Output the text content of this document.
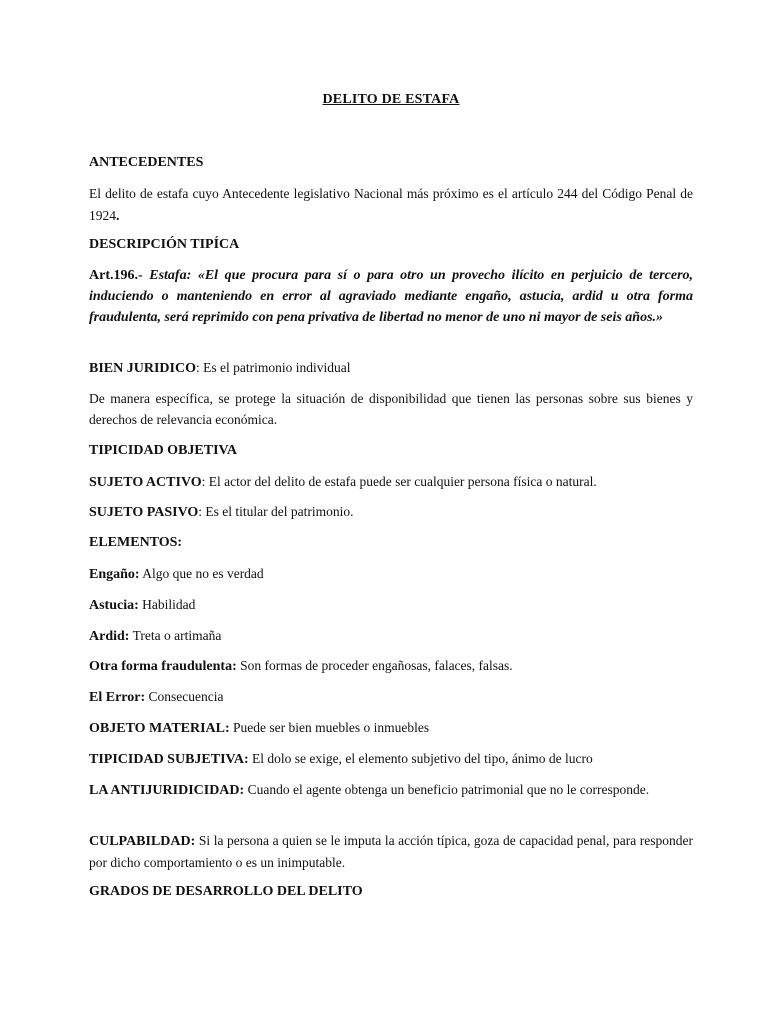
DELITO DE ESTAFA
ANTECEDENTES
El delito de estafa cuyo Antecedente legislativo Nacional más próximo es el artículo 244 del Código Penal de 1924.
DESCRIPCIÓN TIPÍCA
Art.196.- Estafa: «El que procura para sí o para otro un provecho ilícito en perjuicio de tercero, induciendo o manteniendo en error al agraviado mediante engaño, astucia, ardid u otra forma fraudulenta, será reprimido con pena privativa de libertad no menor de uno ni mayor de seis años.»
BIEN JURIDICO: Es el patrimonio individual
De manera específica, se protege la situación de disponibilidad que tienen las personas sobre sus bienes y derechos de relevancia económica.
TIPICIDAD OBJETIVA
SUJETO ACTIVO: El actor del delito de estafa puede ser cualquier persona física o natural.
SUJETO PASIVO: Es el titular del patrimonio.
ELEMENTOS:
Engaño: Algo que no es verdad
Astucia: Habilidad
Ardid: Treta o artimaña
Otra forma fraudulenta: Son formas de proceder engañosas, falaces, falsas.
El Error: Consecuencia
OBJETO MATERIAL: Puede ser bien muebles o inmuebles
TIPICIDAD SUBJETIVA: El dolo se exige, el elemento subjetivo del tipo, ánimo de lucro
LA ANTIJURIDICIDAD: Cuando el agente obtenga un beneficio patrimonial que no le corresponde.
CULPABILDAD: Si la persona a quien se le imputa la acción típica, goza de capacidad penal, para responder por dicho comportamiento o es un inimputable.
GRADOS DE DESARROLLO DEL DELITO
